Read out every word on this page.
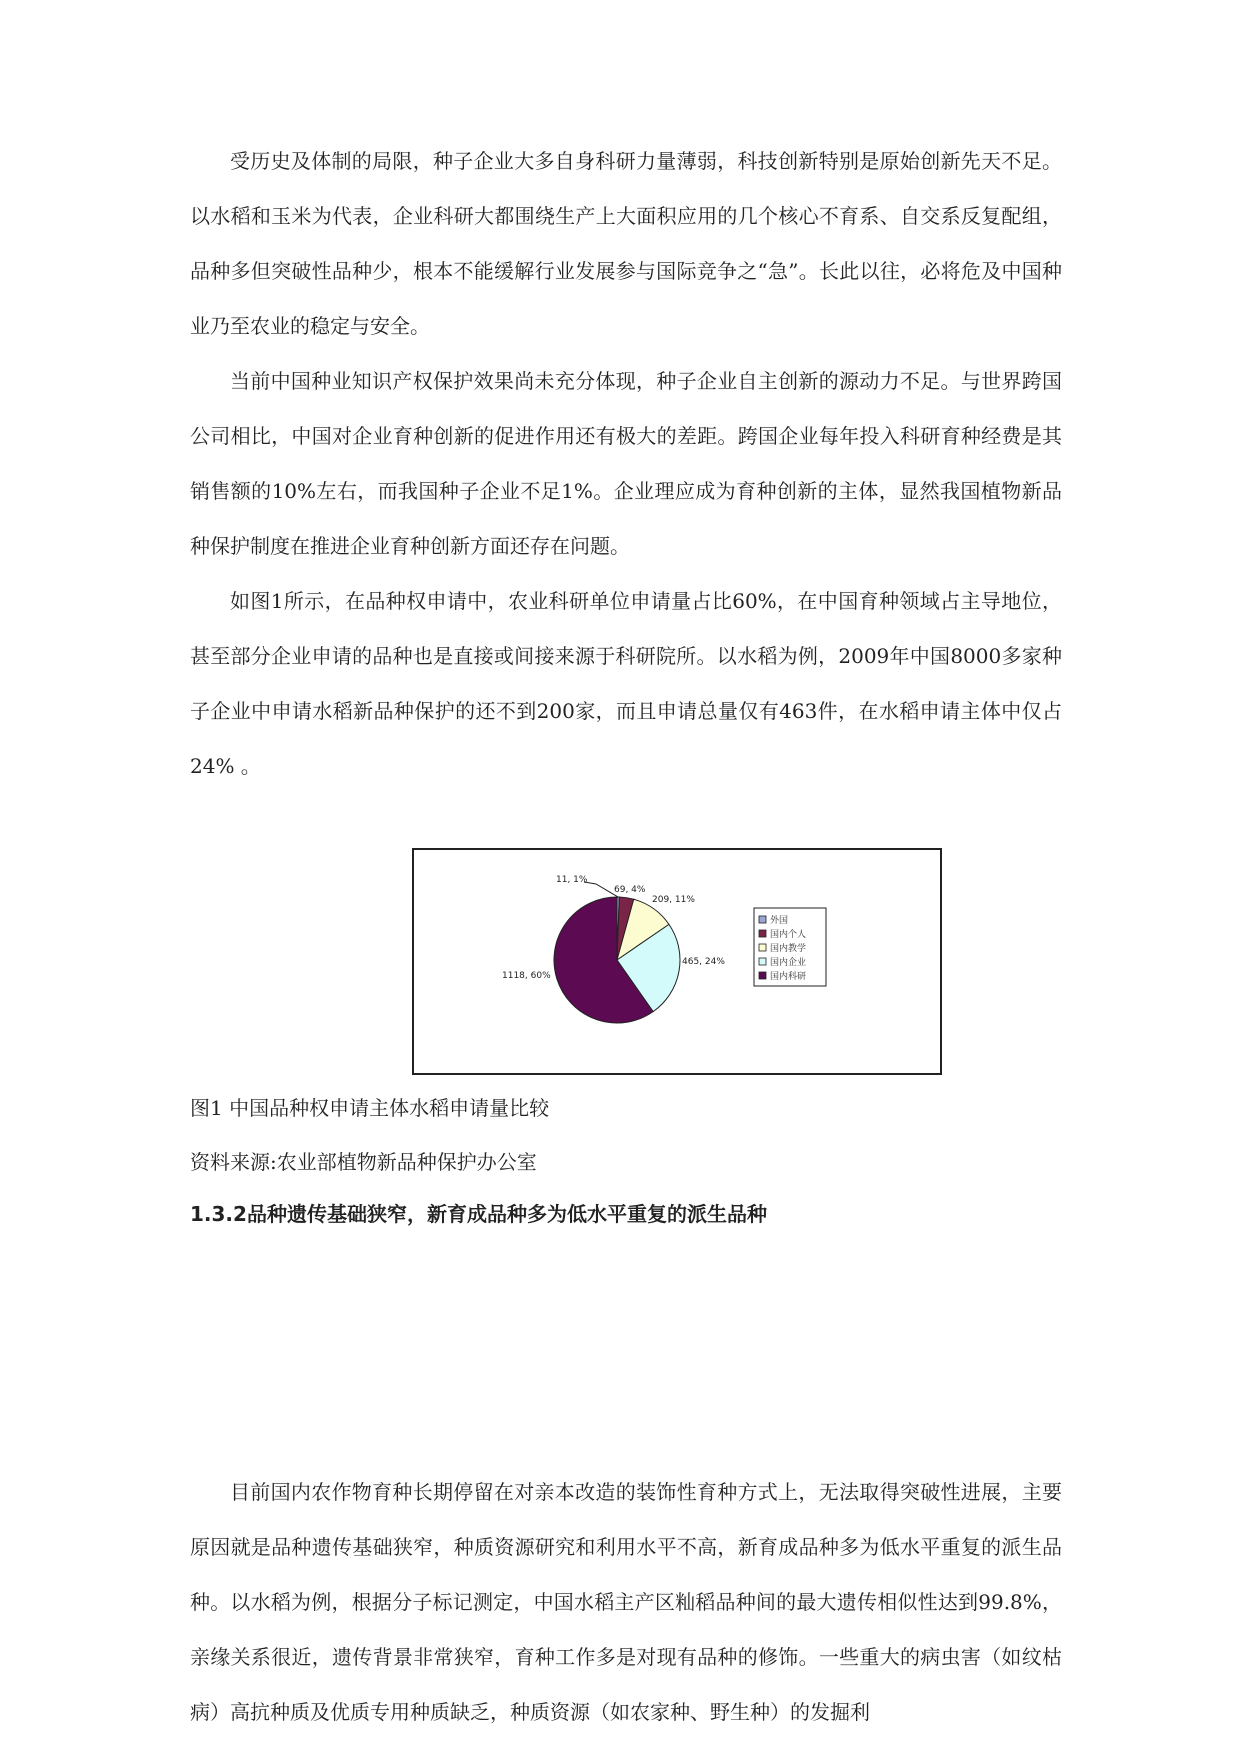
受历史及体制的局限，种子企业大多自身科研力量薄弱，科技创新特别是原始创新先天不足。以水稻和玉米为代表，企业科研大都围绕生产上大面积应用的几个核心不育系、自交系反复配组，品种多但突破性品种少，根本不能缓解行业发展参与国际竞争之“急”。长此以往，必将危及中国种业乃至农业的稳定与安全。

当前中国种业知识产权保护效果尚未充分体现，种子企业自主创新的源动力不足。与世界跨国公司相比，中国对企业育种创新的促进作用还有极大的差距。跨国企业每年投入科研育种经费是其销售额的10%左右，而我国种子企业不足1%。企业理应成为育种创新的主体，显然我国植物新品种保护制度在推进企业育种创新方面还存在问题。

如图1所示，在品种权申请中，农业科研单位申请量占比60%，在中国育种领域占主导地位，甚至部分企业申请的品种也是直接或间接来源于科研院所。以水稻为例，2009年中国8000多家种子企业中申请水稻新品种保护的还不到200家，而且申请总量仅有463件，在水稻申请主体中仅占24% 。

11, 1%
69, 4%
209, 11%
465, 24%
1118, 60%
外国
国内个人
国内教学
国内企业
国内科研

图1 中国品种权申请主体水稻申请量比较

资料来源:农业部植物新品种保护办公室

1.3.2品种遗传基础狭窄，新育成品种多为低水平重复的派生品种

目前国内农作物育种长期停留在对亲本改造的装饰性育种方式上，无法取得突破性进展，主要原因就是品种遗传基础狭窄，种质资源研究和利用水平不高，新育成品种多为低水平重复的派生品种。以水稻为例，根据分子标记测定，中国水稻主产区籼稻品种间的最大遗传相似性达到99.8%，亲缘关系很近，遗传背景非常狭窄，育种工作多是对现有品种的修饰。一些重大的病虫害（如纹枯病）高抗种质及优质专用种质缺乏，种质资源（如农家种、野生种）的发掘利
